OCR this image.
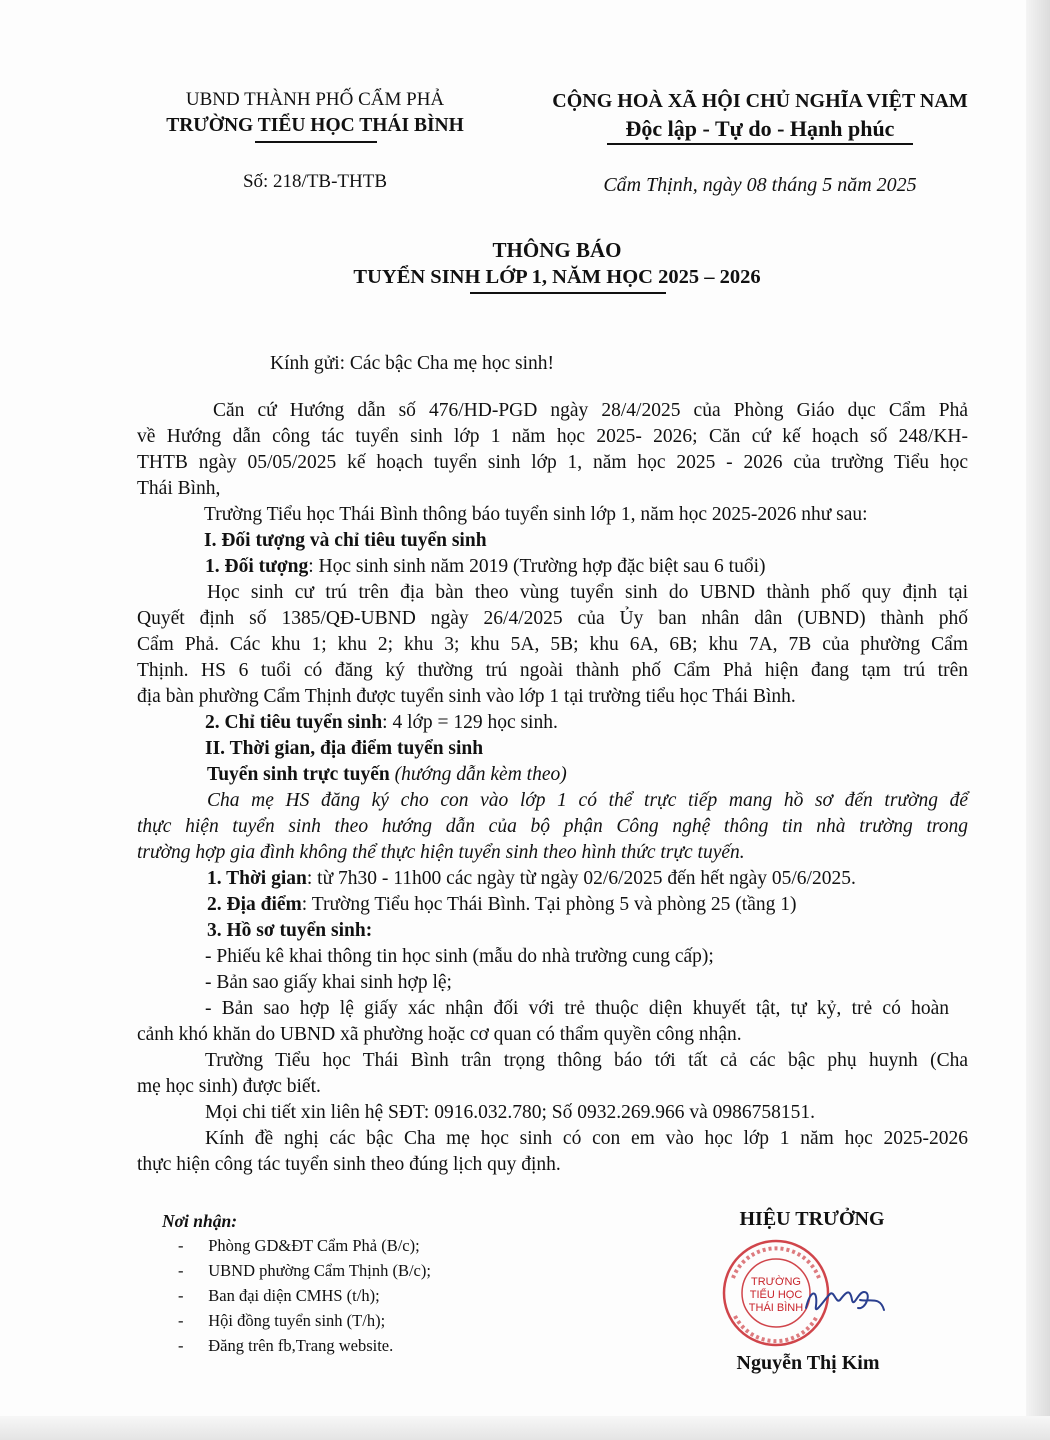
UBND THÀNH PHỐ CẨM PHẢ
TRƯỜNG TIỂU HỌC THÁI BÌNH
Số: 218/TB-THTB
CỘNG HOÀ XÃ HỘI CHỦ NGHĨA VIỆT NAM
Độc lập - Tự do - Hạnh phúc
Cẩm Thịnh, ngày 08 tháng 5 năm 2025
THÔNG BÁO
TUYỂN SINH LỚP 1, NĂM HỌC 2025 – 2026
Kính gửi: Các bậc Cha mẹ học sinh!
Căn cứ Hướng dẫn số 476/HD-PGD ngày 28/4/2025 của Phòng Giáo dục Cẩm Phả
về Hướng dẫn công tác tuyển sinh lớp 1 năm học 2025- 2026; Căn cứ kế hoạch số 248/KH-
THTB ngày 05/05/2025 kế hoạch tuyển sinh lớp 1, năm học 2025 - 2026 của trường Tiểu học
Thái Bình,
Trường Tiểu học Thái Bình thông báo tuyển sinh lớp 1, năm học 2025-2026 như sau:
I. Đối tượng và chỉ tiêu tuyển sinh
1. Đối tượng: Học sinh sinh năm 2019 (Trường hợp đặc biệt sau 6 tuổi)
Học sinh cư trú trên địa bàn theo vùng tuyển sinh do UBND thành phố quy định tại
Quyết định số 1385/QĐ-UBND ngày 26/4/2025 của Ủy ban nhân dân (UBND) thành phố
Cẩm Phả. Các khu 1; khu 2; khu 3; khu 5A, 5B; khu 6A, 6B; khu 7A, 7B của phường Cẩm
Thịnh. HS 6 tuổi có đăng ký thường trú ngoài thành phố Cẩm Phả hiện đang tạm trú trên
địa bàn phường Cẩm Thịnh được tuyển sinh vào lớp 1 tại trường tiểu học Thái Bình.
2. Chỉ tiêu tuyển sinh: 4 lớp = 129 học sinh.
II. Thời gian, địa điểm tuyển sinh
Tuyển sinh trực tuyến (hướng dẫn kèm theo)
Cha mẹ HS đăng ký cho con vào lớp 1 có thể trực tiếp mang hồ sơ đến trường để
thực hiện tuyển sinh theo hướng dẫn của bộ phận Công nghệ thông tin nhà trường trong
trường hợp gia đình không thể thực hiện tuyển sinh theo hình thức trực tuyến.
1. Thời gian: từ 7h30 - 11h00 các ngày từ ngày 02/6/2025 đến hết ngày 05/6/2025.
2. Địa điểm: Trường Tiểu học Thái Bình. Tại phòng 5 và phòng 25 (tầng 1)
3. Hồ sơ tuyển sinh:
- Phiếu kê khai thông tin học sinh (mẫu do nhà trường cung cấp);
- Bản sao giấy khai sinh hợp lệ;
- Bản sao hợp lệ giấy xác nhận đối với trẻ thuộc diện khuyết tật, tự kỷ, trẻ có hoàn
cảnh khó khăn do UBND xã phường hoặc cơ quan có thẩm quyền công nhận.
Trường Tiểu học Thái Bình trân trọng thông báo tới tất cả các bậc phụ huynh (Cha
mẹ học sinh) được biết.
Mọi chi tiết xin liên hệ SĐT: 0916.032.780; Số 0932.269.966 và 0986758151.
Kính đề nghị các bậc Cha mẹ học sinh có con em vào học lớp 1 năm học 2025-2026
thực hiện công tác tuyển sinh theo đúng lịch quy định.
Nơi nhận:
-      Phòng GD&ĐT Cẩm Phả (B/c);
-      UBND phường Cẩm Thịnh (B/c);
-      Ban đại diện CMHS (t/h);
-      Hội đồng tuyển sinh (T/h);
-      Đăng trên fb,Trang website.
HIỆU TRƯỞNG
TRƯỜNG
TIỂU HỌC
THÁI BÌNH
Nguyễn Thị Kim
